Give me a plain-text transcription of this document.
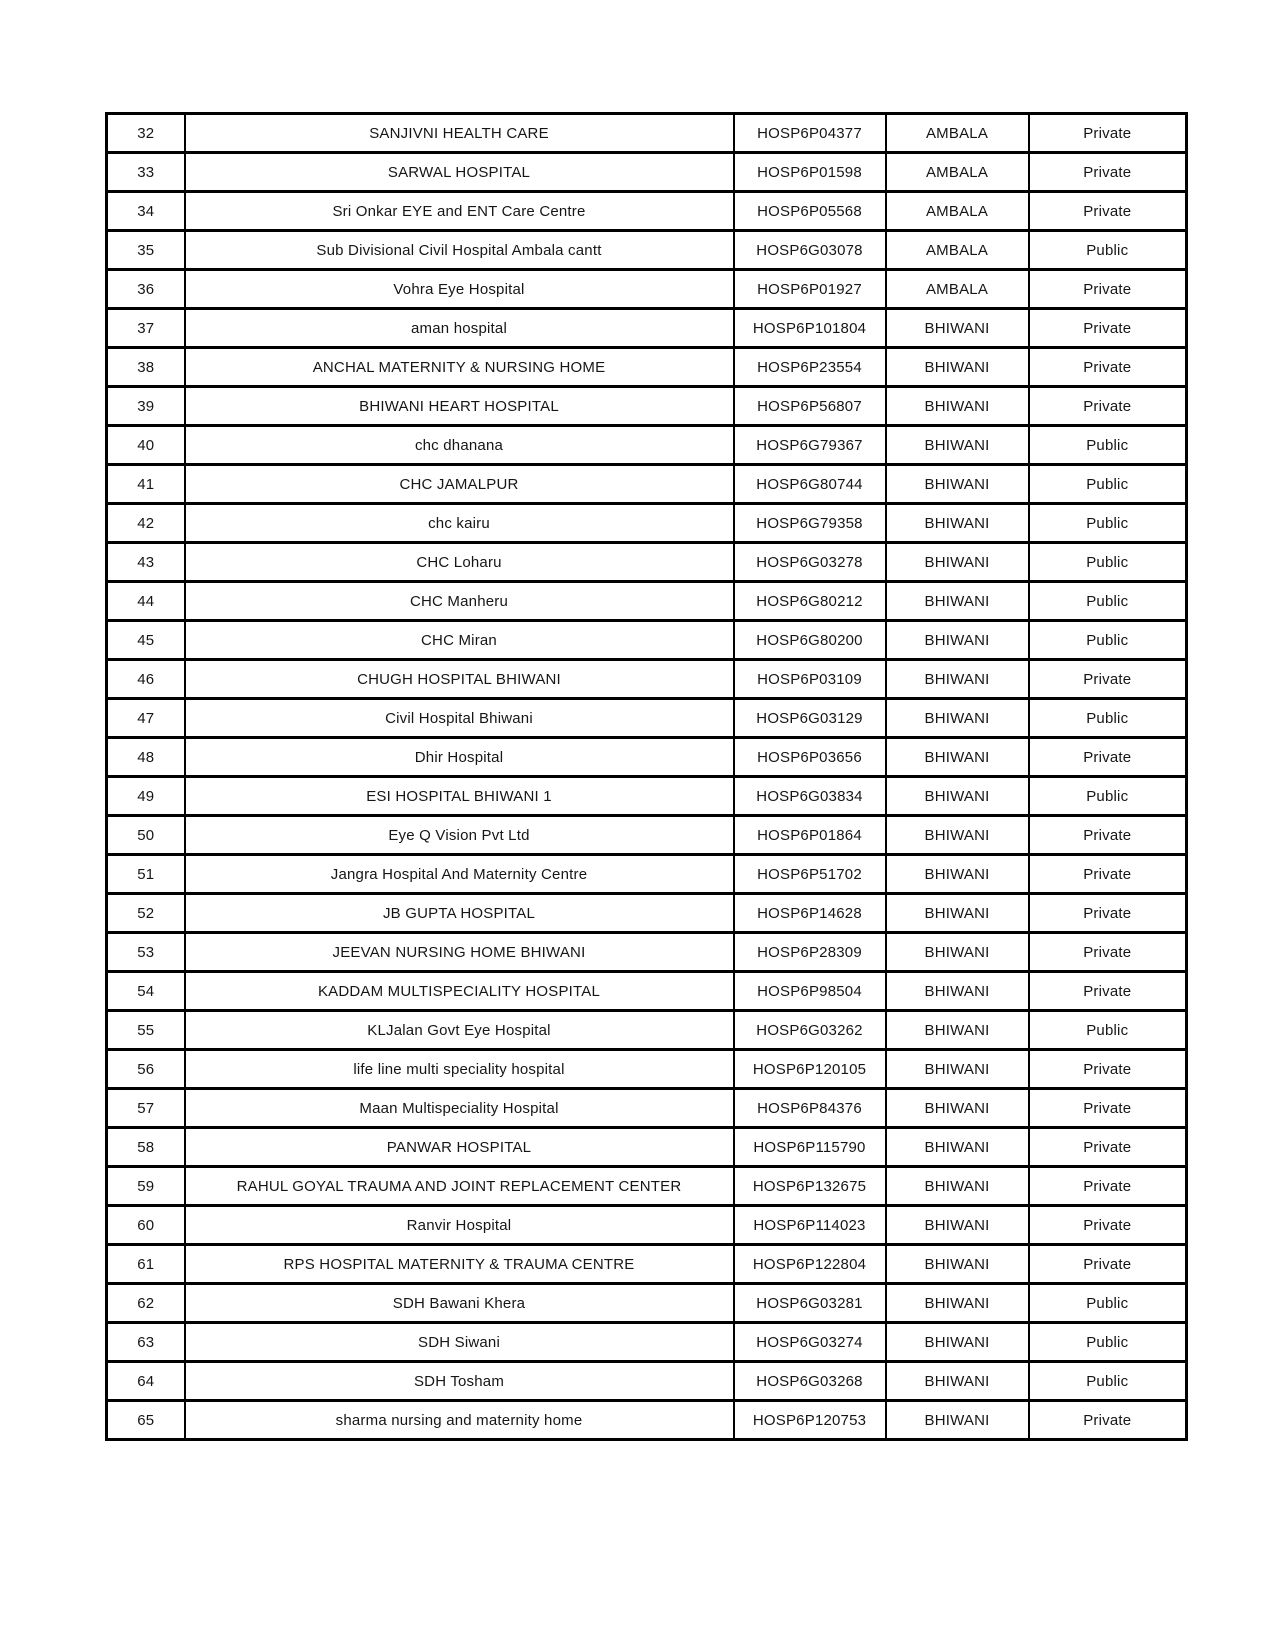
32	SANJIVNI HEALTH CARE	HOSP6P04377	AMBALA	Private
33	SARWAL HOSPITAL	HOSP6P01598	AMBALA	Private
34	Sri Onkar EYE and ENT Care Centre	HOSP6P05568	AMBALA	Private
35	Sub Divisional Civil Hospital Ambala cantt	HOSP6G03078	AMBALA	Public
36	Vohra Eye Hospital	HOSP6P01927	AMBALA	Private
37	aman hospital	HOSP6P101804	BHIWANI	Private
38	ANCHAL MATERNITY & NURSING HOME	HOSP6P23554	BHIWANI	Private
39	BHIWANI HEART HOSPITAL	HOSP6P56807	BHIWANI	Private
40	chc dhanana	HOSP6G79367	BHIWANI	Public
41	CHC JAMALPUR	HOSP6G80744	BHIWANI	Public
42	chc kairu	HOSP6G79358	BHIWANI	Public
43	CHC Loharu	HOSP6G03278	BHIWANI	Public
44	CHC Manheru	HOSP6G80212	BHIWANI	Public
45	CHC Miran	HOSP6G80200	BHIWANI	Public
46	CHUGH HOSPITAL BHIWANI	HOSP6P03109	BHIWANI	Private
47	Civil Hospital Bhiwani	HOSP6G03129	BHIWANI	Public
48	Dhir Hospital	HOSP6P03656	BHIWANI	Private
49	ESI HOSPITAL BHIWANI 1	HOSP6G03834	BHIWANI	Public
50	Eye Q Vision Pvt Ltd	HOSP6P01864	BHIWANI	Private
51	Jangra Hospital And Maternity Centre	HOSP6P51702	BHIWANI	Private
52	JB GUPTA HOSPITAL	HOSP6P14628	BHIWANI	Private
53	JEEVAN NURSING HOME BHIWANI	HOSP6P28309	BHIWANI	Private
54	KADDAM MULTISPECIALITY HOSPITAL	HOSP6P98504	BHIWANI	Private
55	KLJalan Govt Eye Hospital	HOSP6G03262	BHIWANI	Public
56	life line multi speciality hospital	HOSP6P120105	BHIWANI	Private
57	Maan Multispeciality Hospital	HOSP6P84376	BHIWANI	Private
58	PANWAR HOSPITAL	HOSP6P115790	BHIWANI	Private
59	RAHUL GOYAL TRAUMA AND JOINT REPLACEMENT CENTER	HOSP6P132675	BHIWANI	Private
60	Ranvir Hospital	HOSP6P114023	BHIWANI	Private
61	RPS HOSPITAL MATERNITY & TRAUMA CENTRE	HOSP6P122804	BHIWANI	Private
62	SDH Bawani Khera	HOSP6G03281	BHIWANI	Public
63	SDH Siwani	HOSP6G03274	BHIWANI	Public
64	SDH Tosham	HOSP6G03268	BHIWANI	Public
65	sharma nursing and maternity home	HOSP6P120753	BHIWANI	Private
